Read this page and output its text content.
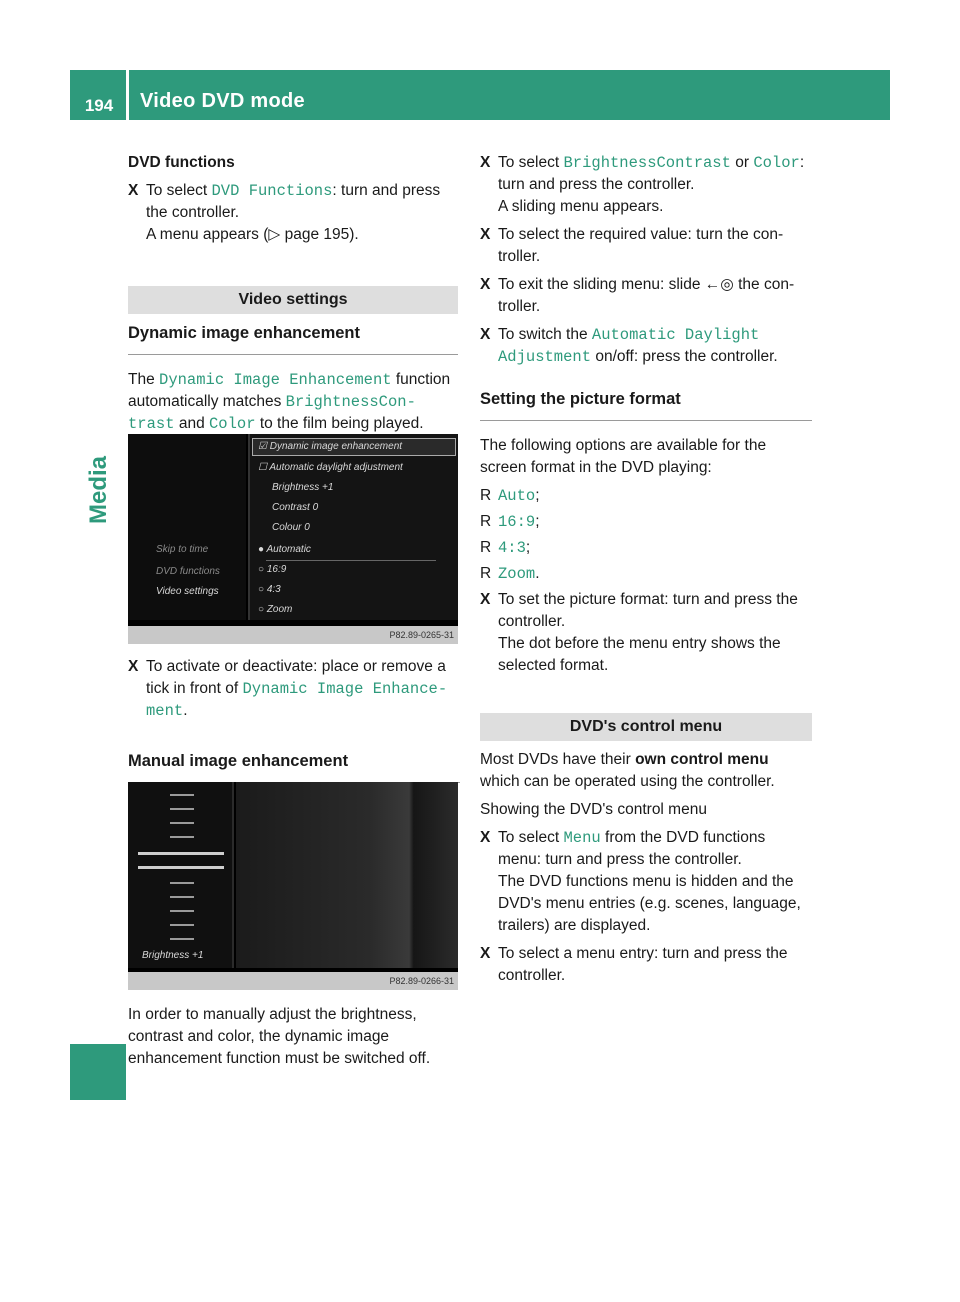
194	Video DVD mode
Media
DVD functions
X To select DVD Functions: turn and press the controller.
A menu appears (▷ page 195).
Video settings
Dynamic image enhancement

The Dynamic Image Enhancement function automatically matches BrightnessCon‐trast and Color to the film being played.

Skip to time
DVD functions
Video settings
☑ Dynamic image enhancement
☐ Automatic daylight adjustment
Brightness +1
Contrast 0
Colour 0
● Automatic
○ 16:9
○ 4:3
○ Zoom
P82.89-0265-31
X To activate or deactivate: place or remove a tick in front of Dynamic Image Enhance‐ment.
Manual image enhancement
Brightness +1
P82.89-0266-31
In order to manually adjust the brightness, contrast and color, the dynamic image enhancement function must be switched off.
X To select BrightnessContrast or Color: turn and press the controller.
A sliding menu appears.
X To select the required value: turn the con‐troller.
X To exit the sliding menu: slide ←◎ the con‐troller.
X To switch the Automatic Daylight Adjustment on/off: press the controller.
Setting the picture format

The following options are available for the screen format in the DVD playing:

R Auto;
R 16:9;
R 4:3;
R Zoom.
X To set the picture format: turn and press the controller.
The dot before the menu entry shows the selected format.
DVD's control menu

Most DVDs have their own control menu which can be operated using the controller.

Showing the DVD's control menu

X To select Menu from the DVD functions menu: turn and press the controller.
The DVD functions menu is hidden and the DVD's menu entries (e.g. scenes, language, trailers) are displayed.
X To select a menu entry: turn and press the controller.
